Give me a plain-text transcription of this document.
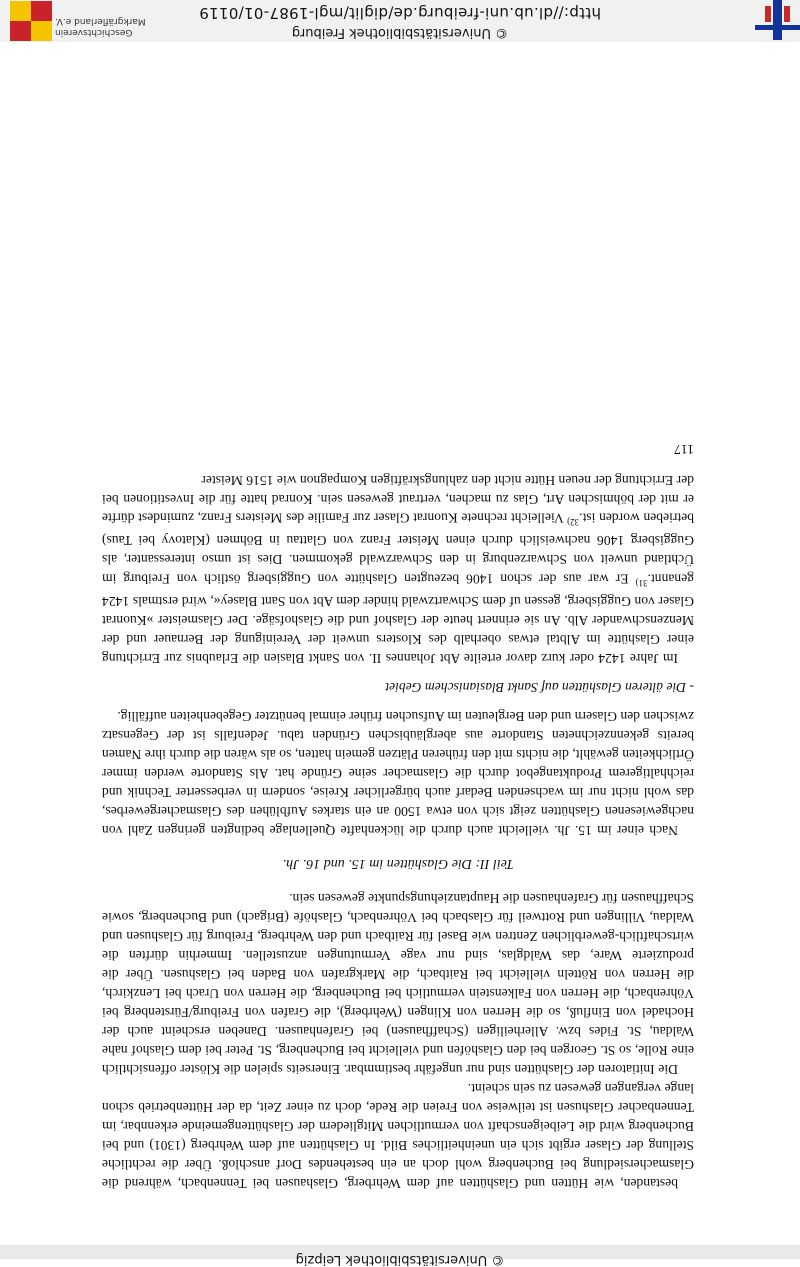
© Universitätsbibliothek Freiburg
http://dl.ub.uni-freiburg.de/diglit/mgl-1987-01/0119
Geschichtsverein
Markgräflerland e.V.
© Universitätsbibliothek Leipzig

bestanden, wie Hütten und Glashütten auf dem Wehrberg, Glashausen bei Tennenbach, während die Glasmachersiedlung bei Buchenberg wohl doch an ein bestehendes Dorf anschloß. Über die rechtliche Stellung der Glaser ergibt sich ein uneinheitliches Bild. In Glashütten auf dem Wehrberg (1301) und bei Buchenberg wird die Leibeigenschaft von vermutlichen Mitgliedern der Glashüttengemeinde erkennbar, im Tennenbacher Glashusen ist teilweise von Freien die Rede, doch zu einer Zeit, da der Hüttenbetrieb schon lange vergangen gewesen zu sein scheint.

Die Initiatoren der Glashütten sind nur ungefähr bestimmbar. Einerseits spielen die Klöster offensichtlich eine Rolle, so St. Georgen bei den Glashöfen und vielleicht bei Buchenberg, St. Peter bei dem Glashof nahe Waldau, St. Fides bzw. Allerheiligen (Schaffhausen) bei Grafenhausen. Daneben erscheint auch der Hochadel von Einfluß, so die Herren von Klingen (Wehrberg), die Grafen von Freiburg/Fürstenberg bei Vöhrenbach, die Herren von Falkenstein vermutlich bei Buchenberg, die Herren von Urach bei Lenzkirch, die Herren von Rötteln vielleicht bei Raitbach, die Markgrafen von Baden bei Glashusen. Über die produzierte Ware, das Waldglas, sind nur vage Vermutungen anzustellen. Immerhin dürften die wirtschaftlich-gewerblichen Zentren wie Basel für Raitbach und den Wehrberg, Freiburg für Glashusen und Waldau, Villingen und Rottweil für Glasbach bei Vöhrenbach, Glashöfe (Brigach) und Buchenberg, sowie Schaffhausen für Grafenhausen die Hauptanziehungspunkte gewesen sein.

Teil II: Die Glashütten im 15. und 16. Jh.

Nach einer im 15. Jh. vielleicht auch durch die lückenhafte Quellenlage bedingten geringen Zahl von nachgewiesenen Glashütten zeigt sich von etwa 1500 an ein starkes Aufblühen des Glasmachergewerbes, das wohl nicht nur im wachsenden Bedarf auch bürgerlicher Kreise, sondern in verbesserter Technik und reichhaltigerem Produktangebot durch die Glasmacher seine Gründe hat. Als Standorte werden immer Örtlichkeiten gewählt, die nichts mit den früheren Plätzen gemein hatten, so als wären die durch ihre Namen bereits gekennzeichneten Standorte aus abergläubischen Gründen tabu. Jedenfalls ist der Gegensatz zwischen den Glasern und den Bergleuten im Aufsuchen früher einmal benützter Gegebenheiten auffällig.

- Die älteren Glashütten auf Sankt Blasianischem Gebiet

Im Jahre 1424 oder kurz davor erteilte Abt Johannes II. von Sankt Blasien die Erlaubnis zur Errichtung einer Glashütte im Albtal etwas oberhalb des Klosters unweit der Vereinigung der Bernauer und der Menzenschwander Alb. An sie erinnert heute der Glashof und die Glashofsäge. Der Glasmeister »Kuonrat Glaser von Guggisberg, gessen uf dem Schwartzwald hinder dem Abt von Sant Blasey«, wird erstmals 1424 genannt.$^{31)}$ Er war aus der schon 1406 bezeugten Glashütte von Guggisberg östlich von Freiburg im Üchtland unweit von Schwarzenburg in den Schwarzwald gekommen. Dies ist umso interessanter, als Guggisberg 1406 nachweislich durch einen Meister Franz von Glattau in Böhmen (Klatovy bei Taus) betrieben worden ist.$^{32)}$ Vielleicht rechnete Kuonrat Glaser zur Familie des Meisters Franz, zumindest dürfte er mit der böhmischen Art, Glas zu machen, vertraut gewesen sein. Konrad hatte für die Investitionen bei der Errichtung der neuen Hütte nicht den zahlungskräftigen Kompagnon wie 1516 Meister

117
